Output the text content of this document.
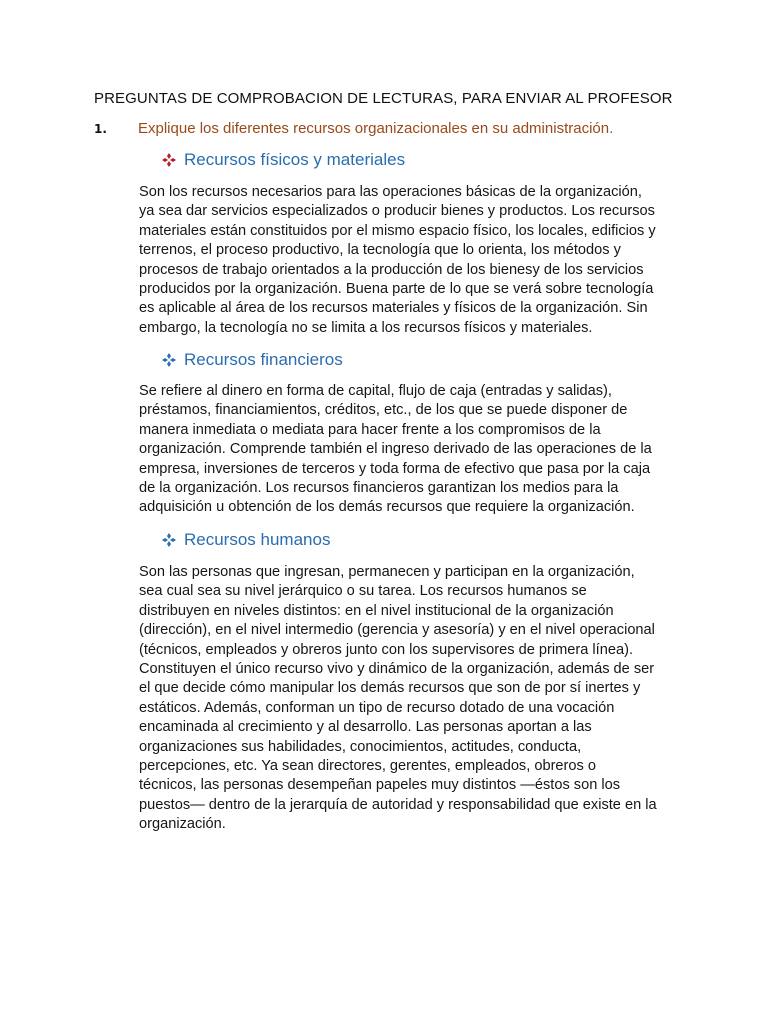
PREGUNTAS DE COMPROBACION DE LECTURAS, PARA ENVIAR AL PROFESOR
1. Explique los diferentes recursos organizacionales en su administración.
Recursos físicos y materiales
Son los recursos necesarios para las operaciones básicas de la organización,
ya sea dar servicios especializados o producir bienes y productos. Los recursos
materiales están constituidos por el mismo espacio físico, los locales, edificios y
terrenos, el proceso productivo, la tecnología que lo orienta, los métodos y
procesos de trabajo orientados a la producción de los bienesy de los servicios
producidos por la organización. Buena parte de lo que se verá sobre tecnología
es aplicable al área de los recursos materiales y físicos de la organización. Sin
embargo, la tecnología no se limita a los recursos físicos y materiales.
Recursos financieros
Se refiere al dinero en forma de capital, flujo de caja (entradas y salidas),
préstamos, financiamientos, créditos, etc., de los que se puede disponer de
manera inmediata o mediata para hacer frente a los compromisos de la
organización. Comprende también el ingreso derivado de las operaciones de la
empresa, inversiones de terceros y toda forma de efectivo que pasa por la caja
de la organización. Los recursos financieros garantizan los medios para la
adquisición u obtención de los demás recursos que requiere la organización.
Recursos humanos
Son las personas que ingresan, permanecen y participan en la organización,
sea cual sea su nivel jerárquico o su tarea. Los recursos humanos se
distribuyen en niveles distintos: en el nivel institucional de la organización
(dirección), en el nivel intermedio (gerencia y asesoría) y en el nivel operacional
(técnicos, empleados y obreros junto con los supervisores de primera línea).
Constituyen el único recurso vivo y dinámico de la organización, además de ser
el que decide cómo manipular los demás recursos que son de por sí inertes y
estáticos. Además, conforman un tipo de recurso dotado de una vocación
encaminada al crecimiento y al desarrollo. Las personas aportan a las
organizaciones sus habilidades, conocimientos, actitudes, conducta,
percepciones, etc. Ya sean directores, gerentes, empleados, obreros o
técnicos, las personas desempeñan papeles muy distintos —éstos son los
puestos— dentro de la jerarquía de autoridad y responsabilidad que existe en la
organización.
